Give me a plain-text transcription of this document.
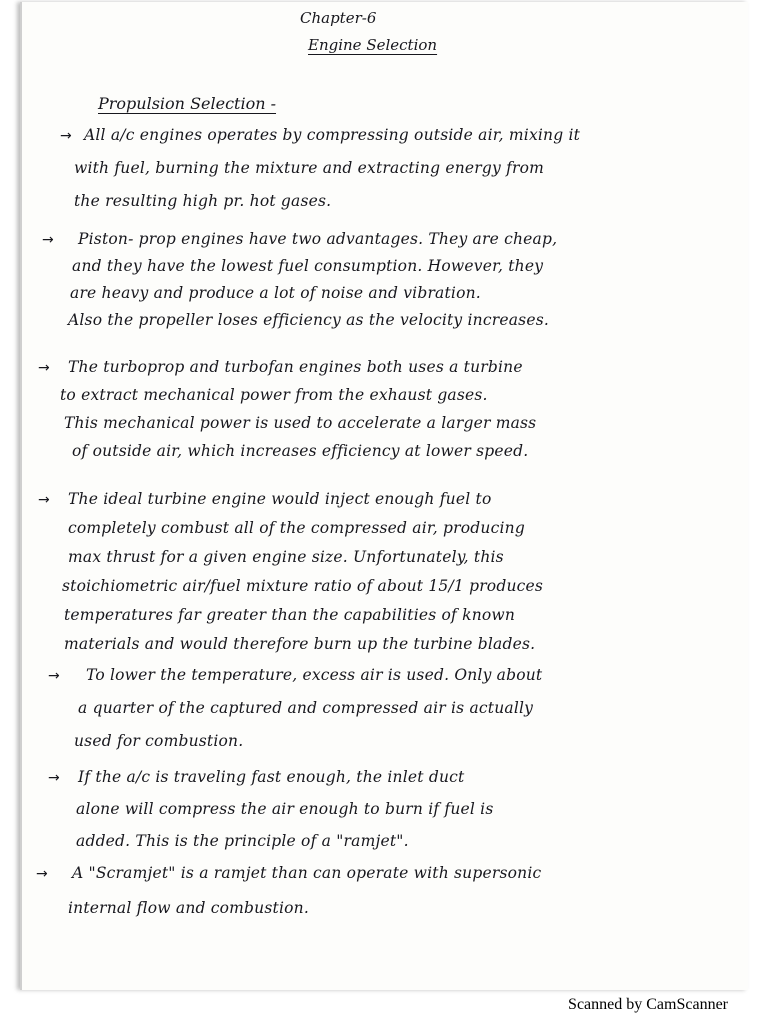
Chapter-6
Engine Selection
Propulsion Selection -
→ All a/c engines operates by compressing outside air, mixing it
with fuel, burning the mixture and extracting energy from
the resulting high pr. hot gases.
→ Piston- prop engines have two advantages. They are cheap,
and they have the lowest fuel consumption. However, they
are heavy and produce a lot of noise and vibration.
Also the propeller loses efficiency as the velocity increases.
→ The turboprop and turbofan engines both uses a turbine
to extract mechanical power from the exhaust gases.
This mechanical power is used to accelerate a larger mass
of outside air, which increases efficiency at lower speed.
→ The ideal turbine engine would inject enough fuel to
completely combust all of the compressed air, producing
max thrust for a given engine size. Unfortunately, this
stoichiometric air/fuel mixture ratio of about 15/1 produces
temperatures far greater than the capabilities of known
materials and would therefore burn up the turbine blades.
→ To lower the temperature, excess air is used. Only about
a quarter of the captured and compressed air is actually
used for combustion.
→ If the a/c is traveling fast enough, the inlet duct
alone will compress the air enough to burn if fuel is
added. This is the principle of a "ramjet".
→ A "Scramjet" is a ramjet than can operate with supersonic
internal flow and combustion.
Scanned by CamScanner
